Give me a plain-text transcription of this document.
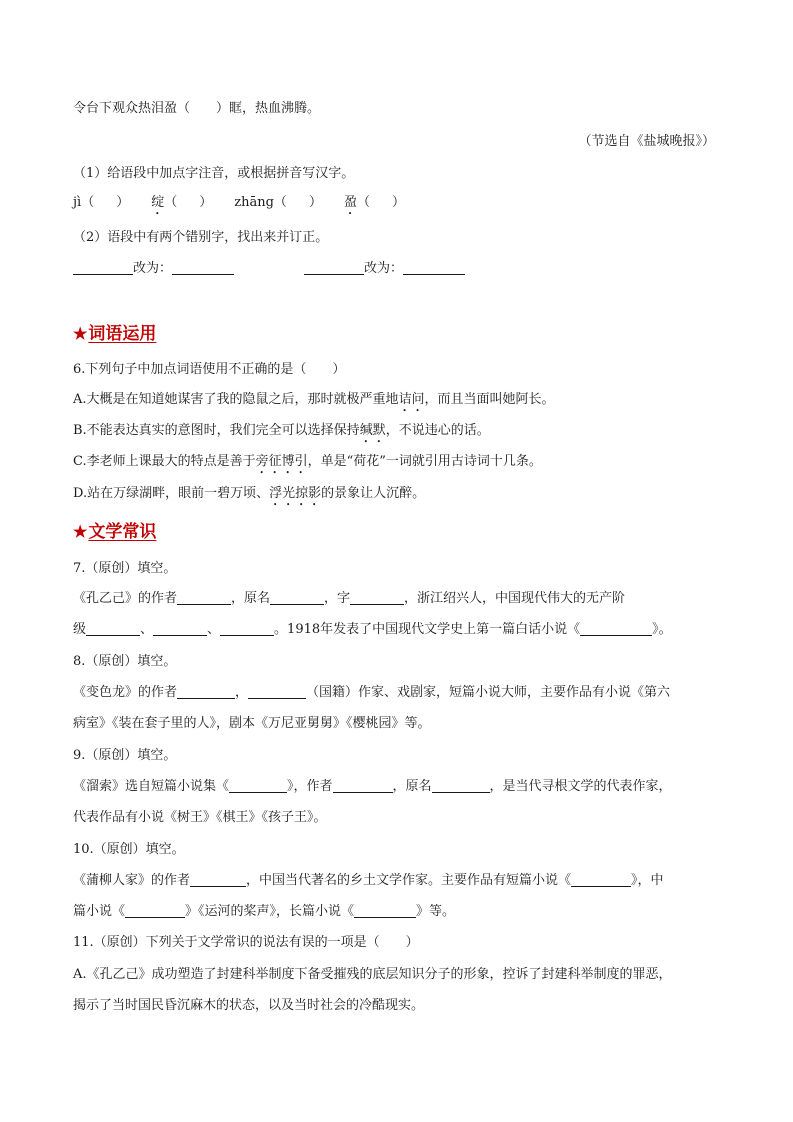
令台下观众热泪盈（　　）眶，热血沸腾。
（节选自《盐城晚报》）
（1）给语段中加点字注音，或根据拼音写汉字。
jì（ ） 绽（ ） zhāng（ ） 盈（ ）
（2）语段中有两个错别字，找出来并订正。
改为：	改为：
★词语运用
6.下列句子中加点词语使用不正确的是（　　）
A.大概是在知道她谋害了我的隐鼠之后，那时就极严重地诘问，而且当面叫她阿长。
B.不能表达真实的意图时，我们完全可以选择保持缄默，不说违心的话。
C.李老师上课最大的特点是善于旁征博引，单是“荷花”一词就引用古诗词十几条。
D.站在万绿湖畔，眼前一碧万顷、浮光掠影的景象让人沉醉。
★文学常识
7.（原创）填空。
《孔乙己》的作者	，原名	，字	，浙江绍兴人，中国现代伟大的无产阶
级	、	、	。1918年发表了中国现代文学史上第一篇白话小说《	》。
8.（原创）填空。
《变色龙》的作者	，	（国籍）作家、戏剧家，短篇小说大师，主要作品有小说《第六
病室》《装在套子里的人》，剧本《万尼亚舅舅》《樱桃园》等。
9.（原创）填空。
《溜索》选自短篇小说集《	》，作者	，原名	，是当代寻根文学的代表作家，
代表作品有小说《树王》《棋王》《孩子王》。
10.（原创）填空。
《蒲柳人家》的作者	，中国当代著名的乡土文学作家。主要作品有短篇小说《	》，中
篇小说《	》《运河的桨声》，长篇小说《	》等。
11.（原创）下列关于文学常识的说法有误的一项是（　　）
A.《孔乙己》成功塑造了封建科举制度下备受摧残的底层知识分子的形象，控诉了封建科举制度的罪恶，
揭示了当时国民昏沉麻木的状态，以及当时社会的冷酷现实。
